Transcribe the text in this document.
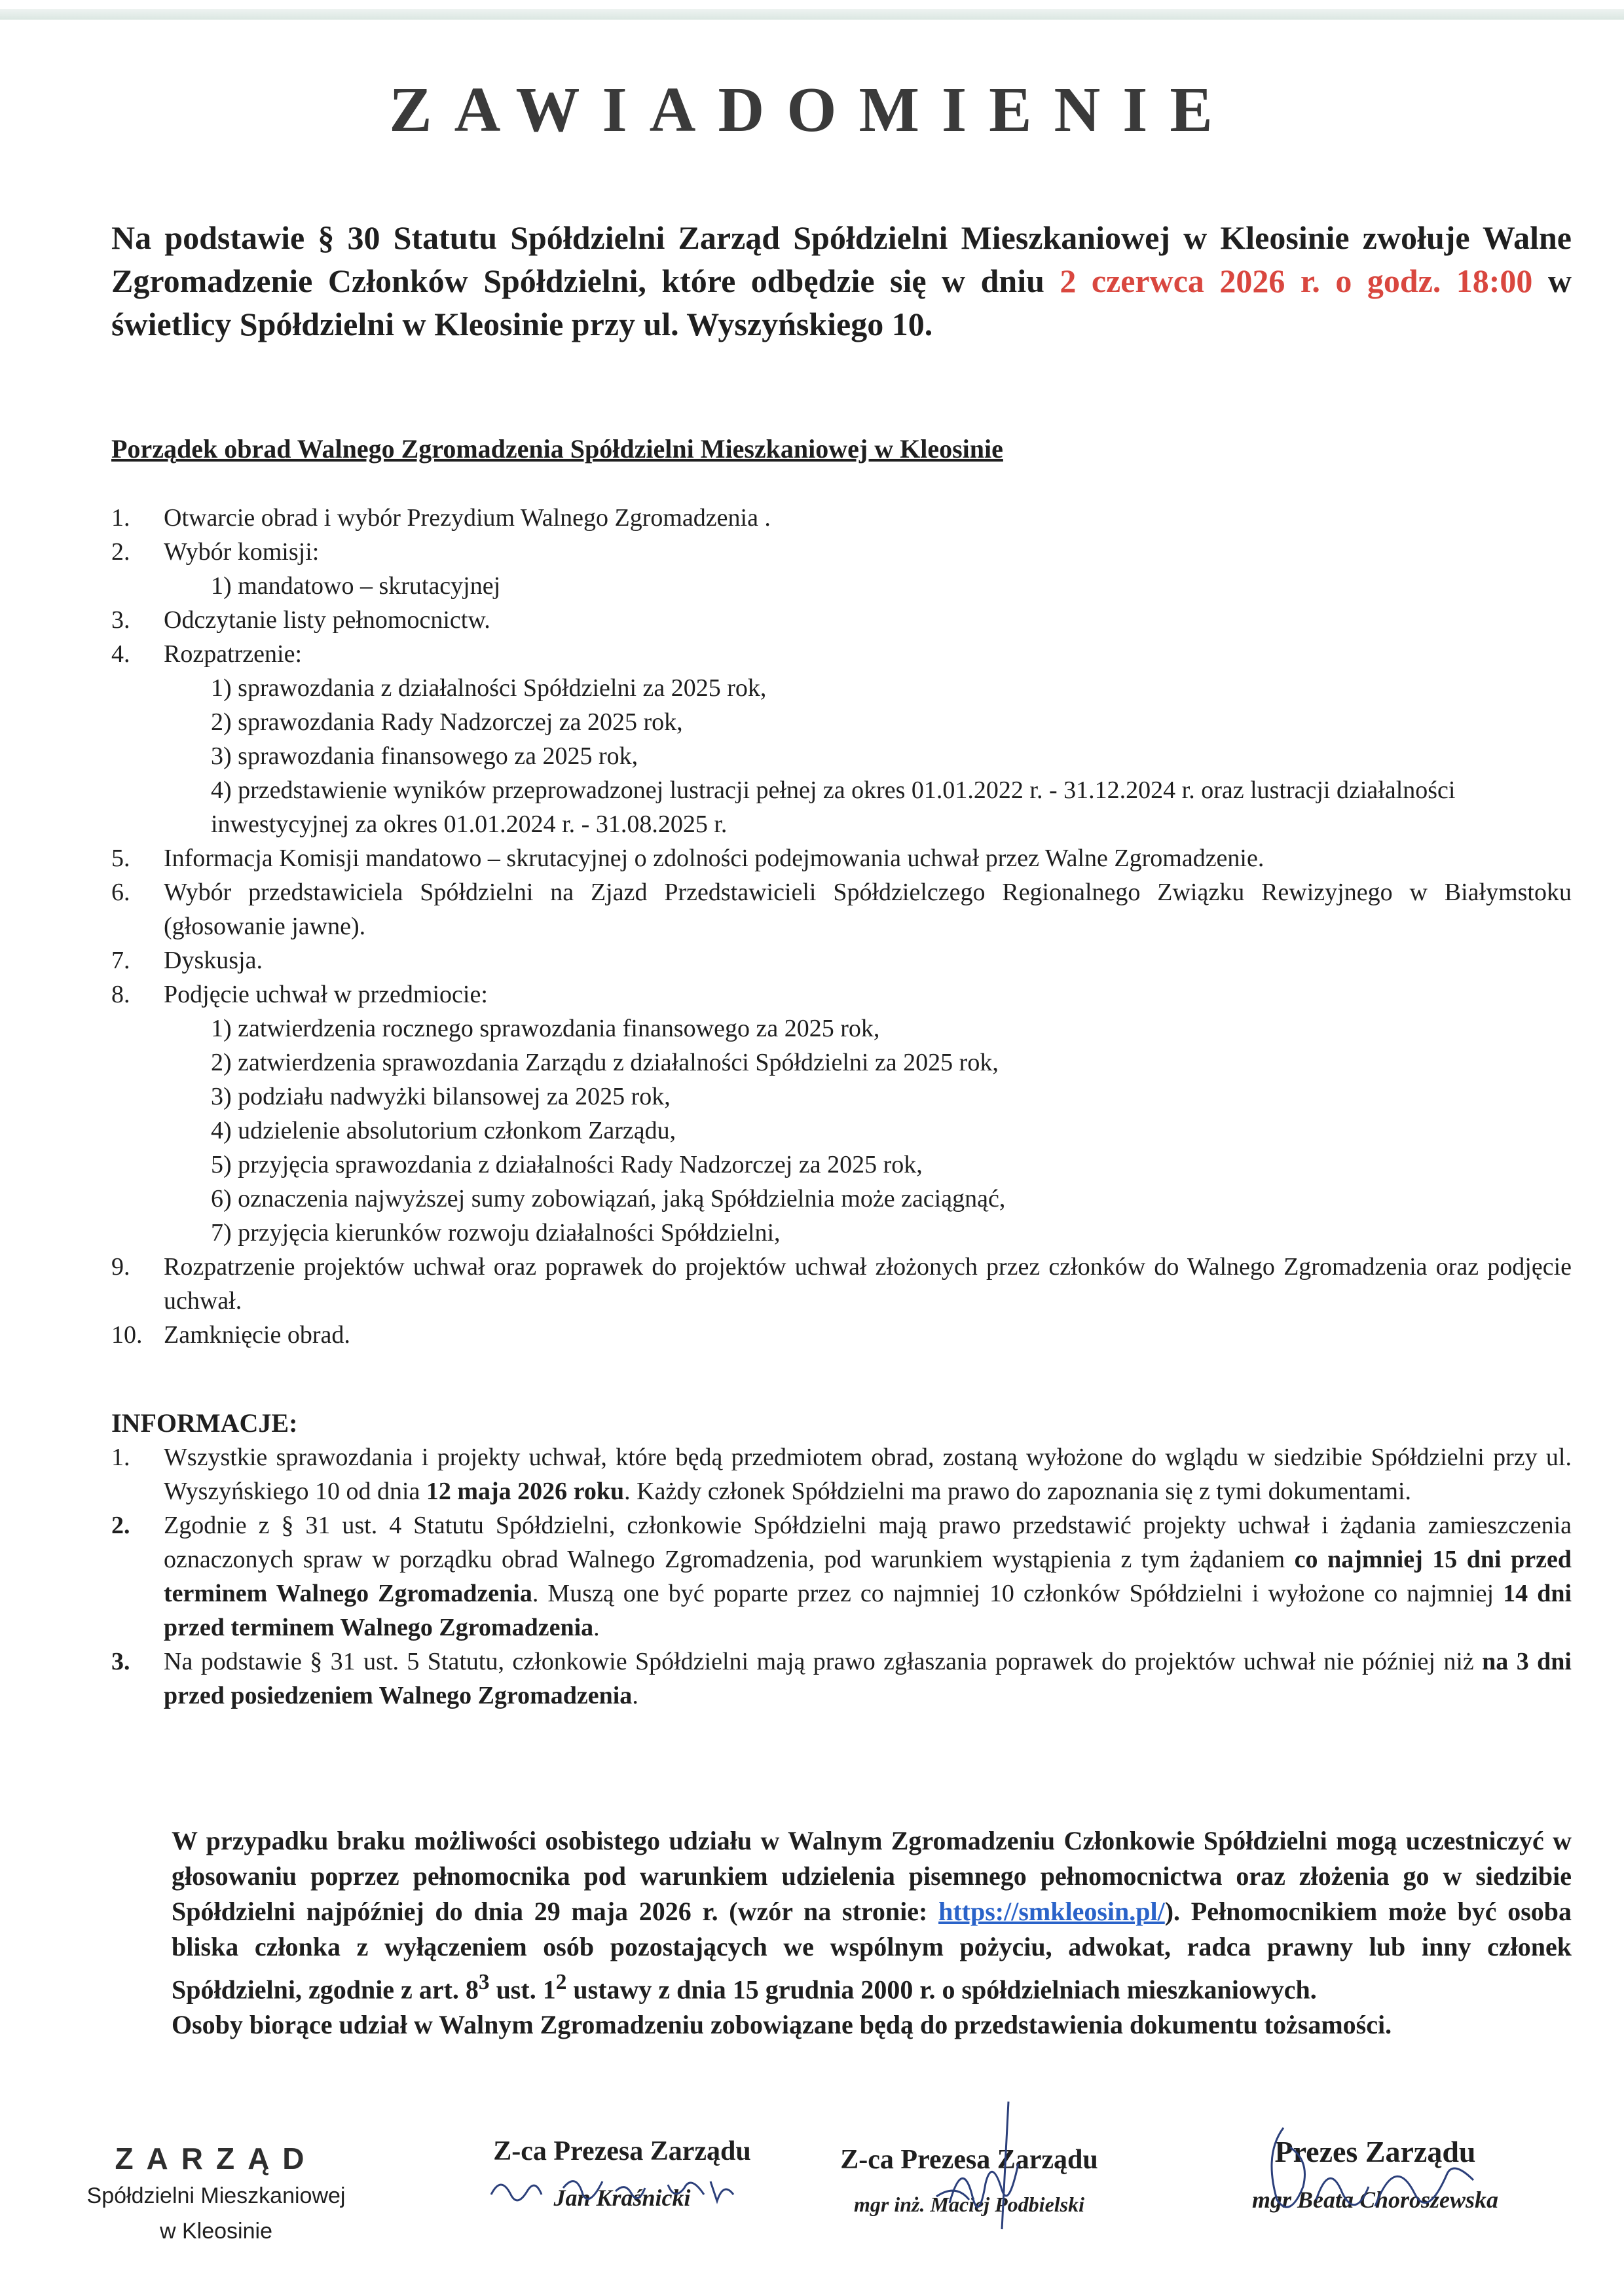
ZAWIADOMIENIE
Na podstawie § 30 Statutu Spółdzielni Zarząd Spółdzielni Mieszkaniowej w Kleosinie zwołuje Walne Zgromadzenie Członków Spółdzielni, które odbędzie się w dniu 2 czerwca 2026 r. o godz. 18:00 w świetlicy Spółdzielni w Kleosinie przy ul. Wyszyńskiego 10.
Porządek obrad Walnego Zgromadzenia Spółdzielni Mieszkaniowej w Kleosinie
1.	Otwarcie obrad i wybór Prezydium Walnego Zgromadzenia .
2.	Wybór komisji:
1) mandatowo – skrutacyjnej
3.	Odczytanie listy pełnomocnictw.
4.	Rozpatrzenie:
1) sprawozdania z działalności Spółdzielni za 2025 rok,
2) sprawozdania Rady Nadzorczej za 2025 rok,
3) sprawozdania finansowego za 2025 rok,
4) przedstawienie wyników przeprowadzonej lustracji pełnej za okres 01.01.2022 r. - 31.12.2024 r. oraz lustracji działalności inwestycyjnej za okres 01.01.2024 r. - 31.08.2025 r.
5.	Informacja Komisji mandatowo – skrutacyjnej o zdolności podejmowania uchwał przez Walne Zgromadzenie.
6.	Wybór przedstawiciela Spółdzielni na Zjazd Przedstawicieli Spółdzielczego Regionalnego Związku Rewizyjnego w Białymstoku (głosowanie jawne).
7.	Dyskusja.
8.	Podjęcie uchwał w przedmiocie:
1) zatwierdzenia rocznego sprawozdania finansowego za 2025 rok,
2) zatwierdzenia sprawozdania Zarządu z działalności Spółdzielni za 2025 rok,
3) podziału nadwyżki bilansowej za 2025 rok,
4) udzielenie absolutorium członkom Zarządu,
5) przyjęcia sprawozdania z działalności Rady Nadzorczej za 2025 rok,
6) oznaczenia najwyższej sumy zobowiązań, jaką Spółdzielnia może zaciągnąć,
7) przyjęcia kierunków rozwoju działalności Spółdzielni,
9.	Rozpatrzenie projektów uchwał oraz poprawek do projektów uchwał złożonych przez członków do Walnego Zgromadzenia oraz podjęcie uchwał.
10. Zamknięcie obrad.
INFORMACJE:
1.	Wszystkie sprawozdania i projekty uchwał, które będą przedmiotem obrad, zostaną wyłożone do wglądu w siedzibie Spółdzielni przy ul. Wyszyńskiego 10 od dnia 12 maja 2026 roku. Każdy członek Spółdzielni ma prawo do zapoznania się z tymi dokumentami.
2.	Zgodnie z § 31 ust. 4 Statutu Spółdzielni, członkowie Spółdzielni mają prawo przedstawić projekty uchwał i żądania zamieszczenia oznaczonych spraw w porządku obrad Walnego Zgromadzenia, pod warunkiem wystąpienia z tym żądaniem co najmniej 15 dni przed terminem Walnego Zgromadzenia. Muszą one być poparte przez co najmniej 10 członków Spółdzielni i wyłożone co najmniej 14 dni przed terminem Walnego Zgromadzenia.
3.	Na podstawie § 31 ust. 5 Statutu, członkowie Spółdzielni mają prawo zgłaszania poprawek do projektów uchwał nie później niż na 3 dni przed posiedzeniem Walnego Zgromadzenia.
W przypadku braku możliwości osobistego udziału w Walnym Zgromadzeniu Członkowie Spółdzielni mogą uczestniczyć w głosowaniu poprzez pełnomocnika pod warunkiem udzielenia pisemnego pełnomocnictwa oraz złożenia go w siedzibie Spółdzielni najpóźniej do dnia 29 maja 2026 r. (wzór na stronie: https://smkleosin.pl/). Pełnomocnikiem może być osoba bliska członka z wyłączeniem osób pozostających we wspólnym pożyciu, adwokat, radca prawny lub inny członek Spółdzielni, zgodnie z art. $8^3$ ust. $1^2$ ustawy z dnia 15 grudnia 2000 r. o spółdzielniach mieszkaniowych.
Osoby biorące udział w Walnym Zgromadzeniu zobowiązane będą do przedstawienia dokumentu tożsamości.
ZARZĄD
Spółdzielni Mieszkaniowej
w Kleosinie
Z-ca Prezesa Zarządu
Jan Kraśnicki
Z-ca Prezesa Zarządu
mgr inż. Maciej Podbielski
Prezes Zarządu
mgr Beata Choroszewska
